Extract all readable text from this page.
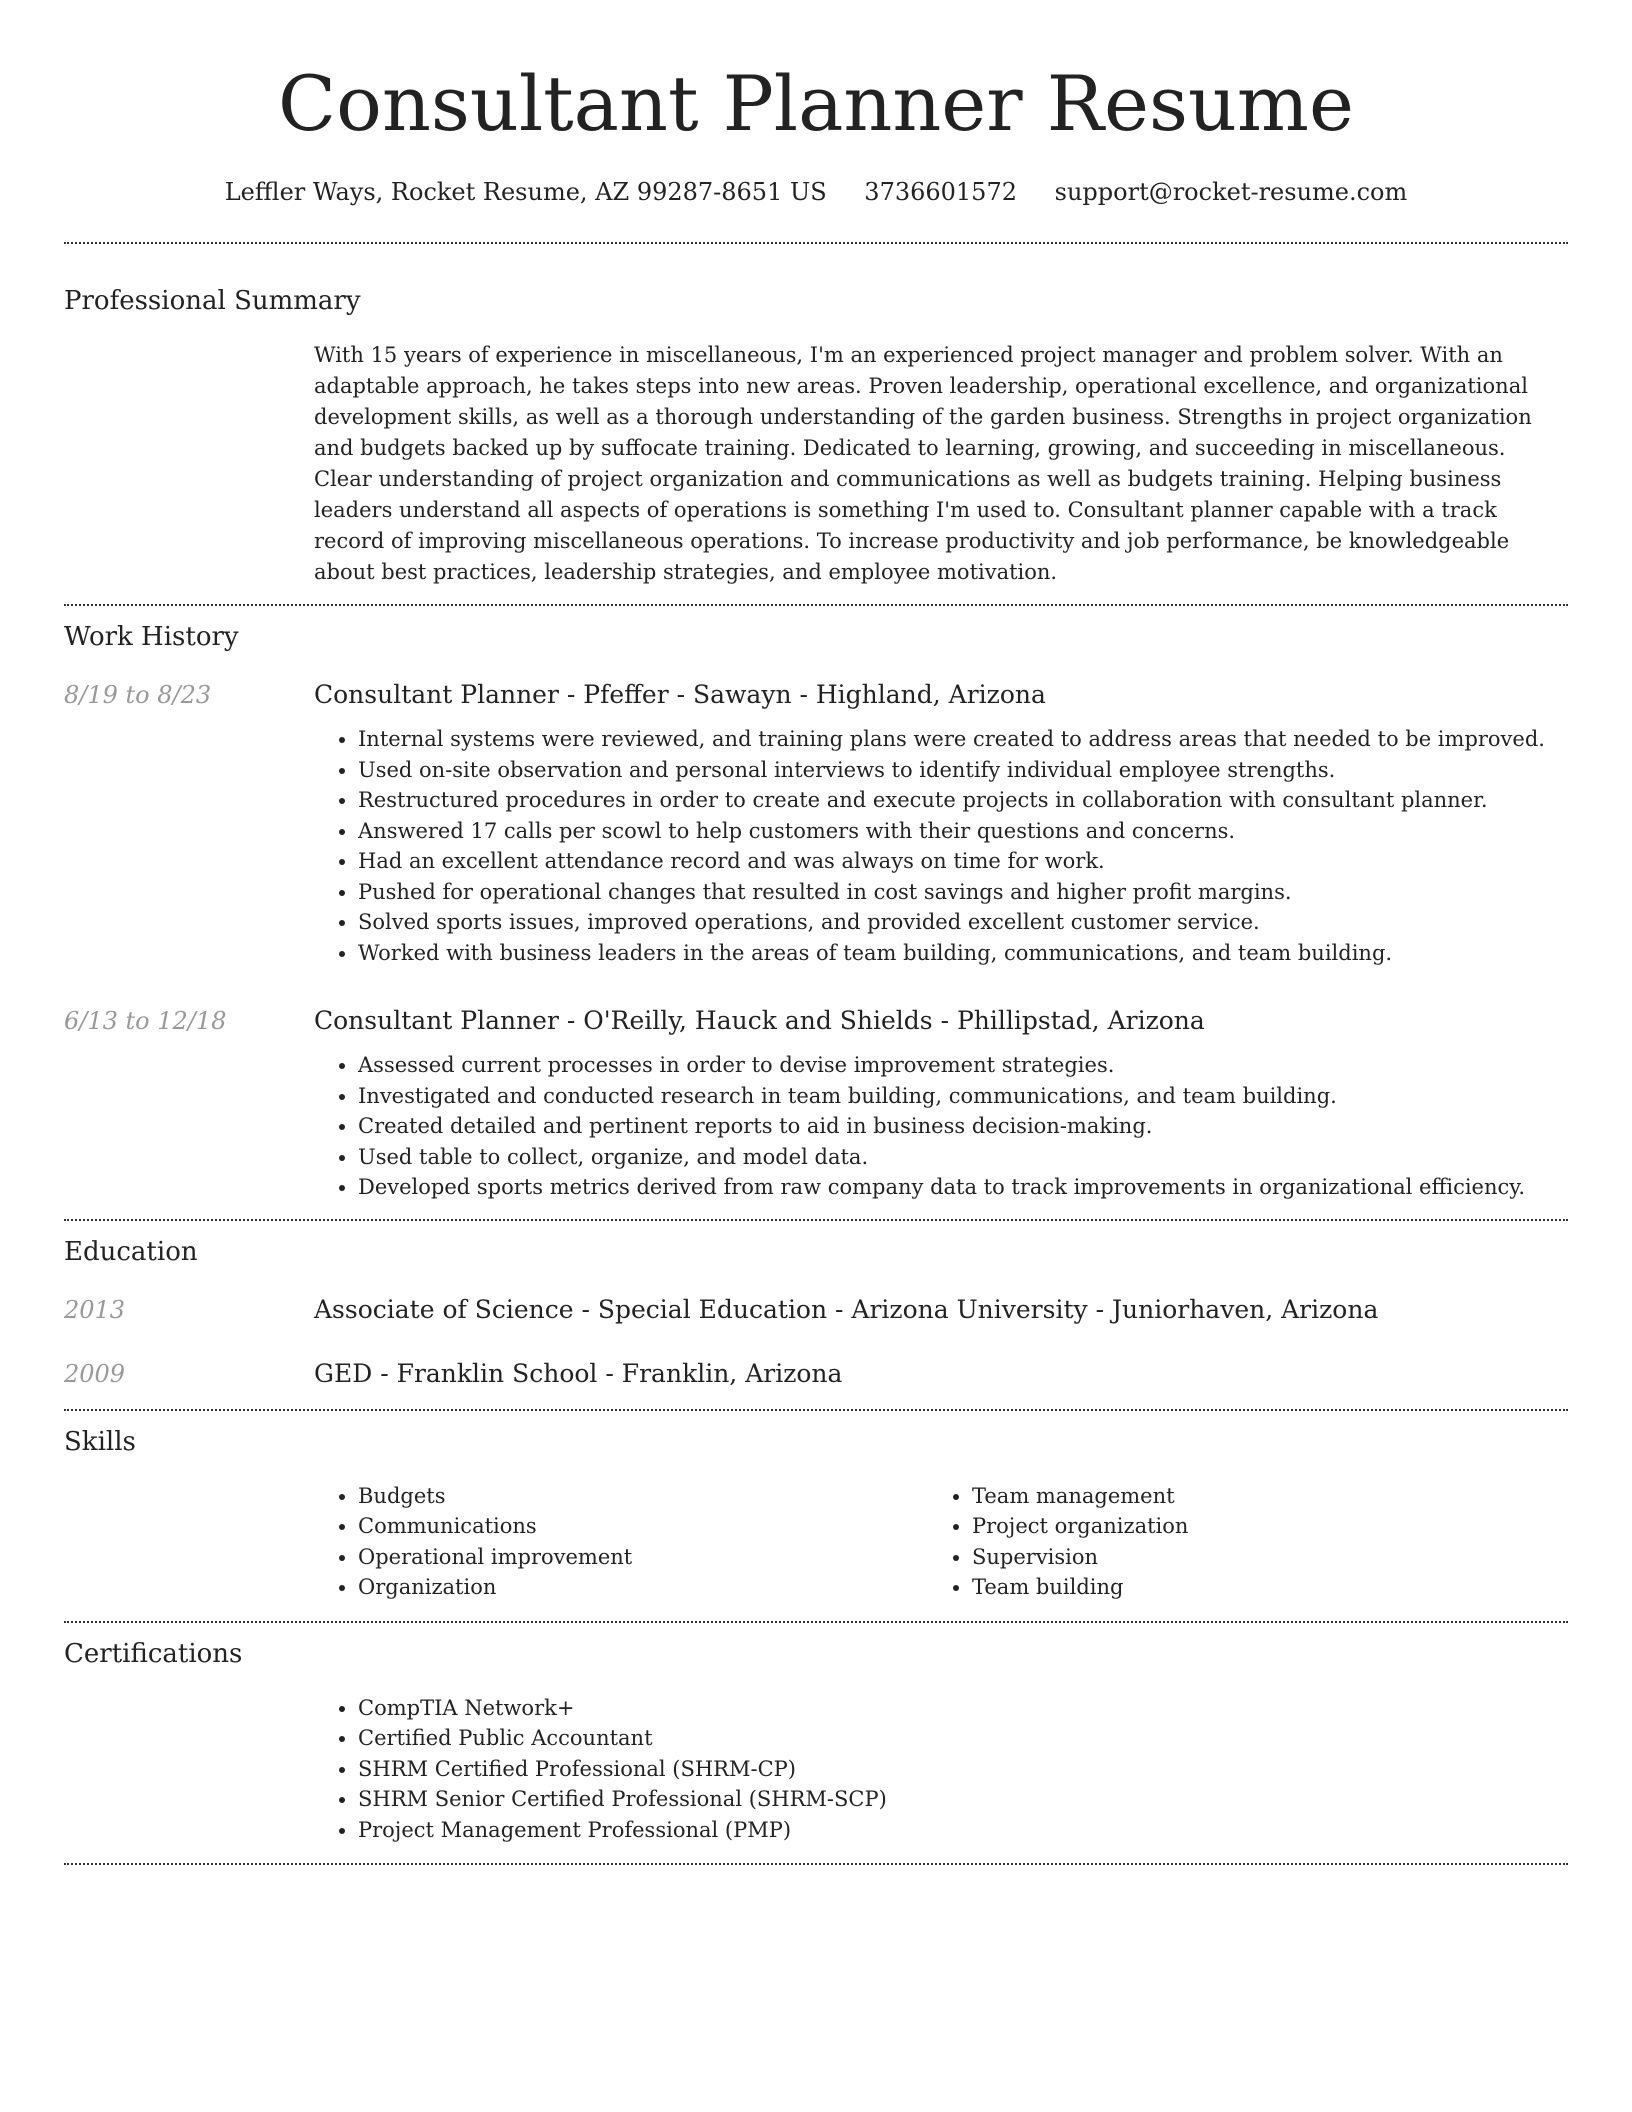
Consultant Planner Resume
Leffler Ways, Rocket Resume, AZ 99287-8651 US 3736601572 support@rocket-resume.com
Professional Summary
With 15 years of experience in miscellaneous, I'm an experienced project manager and problem solver. With an adaptable approach, he takes steps into new areas. Proven leadership, operational excellence, and organizational development skills, as well as a thorough understanding of the garden business. Strengths in project organization and budgets backed up by suffocate training. Dedicated to learning, growing, and succeeding in miscellaneous. Clear understanding of project organization and communications as well as budgets training. Helping business leaders understand all aspects of operations is something I'm used to. Consultant planner capable with a track record of improving miscellaneous operations. To increase productivity and job performance, be knowledgeable about best practices, leadership strategies, and employee motivation.
Work History
8/19 to 8/23	Consultant Planner - Pfeffer - Sawayn - Highland, Arizona
• Internal systems were reviewed, and training plans were created to address areas that needed to be improved.
• Used on-site observation and personal interviews to identify individual employee strengths.
• Restructured procedures in order to create and execute projects in collaboration with consultant planner.
• Answered 17 calls per scowl to help customers with their questions and concerns.
• Had an excellent attendance record and was always on time for work.
• Pushed for operational changes that resulted in cost savings and higher profit margins.
• Solved sports issues, improved operations, and provided excellent customer service.
• Worked with business leaders in the areas of team building, communications, and team building.
6/13 to 12/18	Consultant Planner - O'Reilly, Hauck and Shields - Phillipstad, Arizona
• Assessed current processes in order to devise improvement strategies.
• Investigated and conducted research in team building, communications, and team building.
• Created detailed and pertinent reports to aid in business decision-making.
• Used table to collect, organize, and model data.
• Developed sports metrics derived from raw company data to track improvements in organizational efficiency.
Education
2013	Associate of Science - Special Education - Arizona University - Juniorhaven, Arizona
2009	GED - Franklin School - Franklin, Arizona
Skills
• Budgets
• Communications
• Operational improvement
• Organization
• Team management
• Project organization
• Supervision
• Team building
Certifications
• CompTIA Network+
• Certified Public Accountant
• SHRM Certified Professional (SHRM-CP)
• SHRM Senior Certified Professional (SHRM-SCP)
• Project Management Professional (PMP)
